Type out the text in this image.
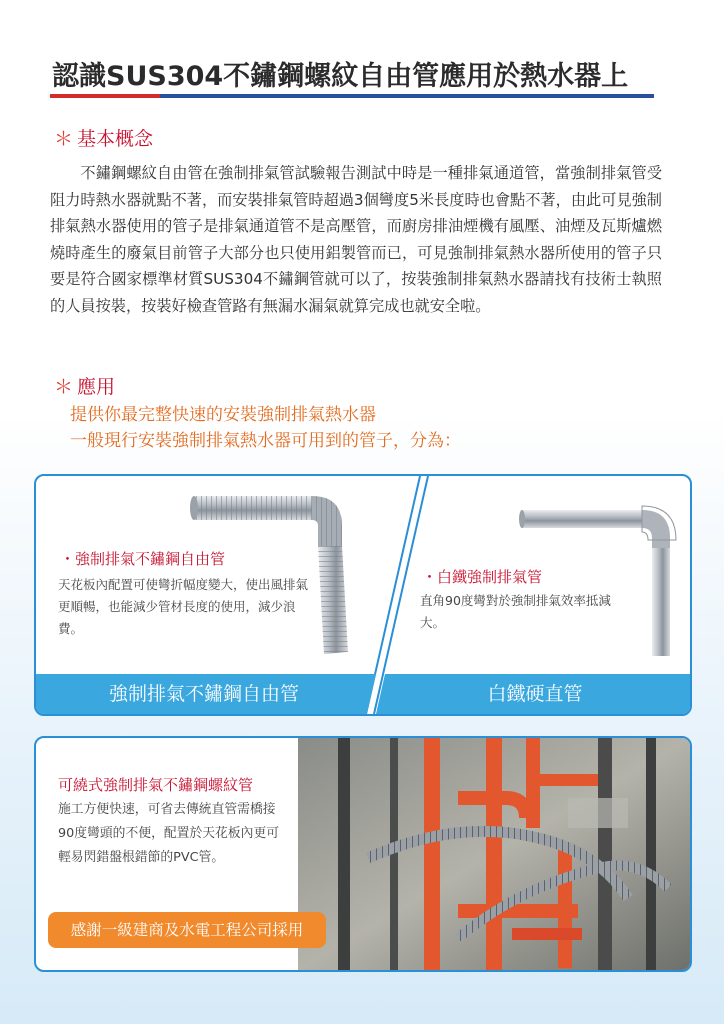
認識SUS304不鏽鋼螺紋自由管應用於熱水器上
＊ 基本概念

不鏽鋼螺紋自由管在強制排氣管試驗報告測試中時是一種排氣通道管，當強制排氣管受阻力時熱水器就點不著，而安裝排氣管時超過3個彎度5米長度時也會點不著，由此可見強制排氣熱水器使用的管子是排氣通道管不是高壓管，而廚房排油煙機有風壓、油煙及瓦斯爐燃燒時產生的廢氣目前管子大部分也只使用鋁製管而已，可見強制排氣熱水器所使用的管子只要是符合國家標準材質SUS304不鏽鋼管就可以了，按裝強制排氣熱水器請找有技術士執照的人員按裝，按裝好檢查管路有無漏水漏氣就算完成也就安全啦。

＊ 應用
提供你最完整快速的安裝強制排氣熱水器
一般現行安裝強制排氣熱水器可用到的管子，分為：
・強制排氣不鏽鋼自由管
天花板內配置可使彎折幅度變大，使出風排氣更順暢，也能減少管材長度的使用，減少浪費。
・白鐵強制排氣管
直角90度彎對於強制排氣效率抵減大。
強制排氣不鏽鋼自由管	白鐵硬直管
可繞式強制排氣不鏽鋼螺紋管
施工方便快速，可省去傳統直管需橋接90度彎頭的不便，配置於天花板內更可輕易閃錯盤根錯節的PVC管。
感謝一級建商及水電工程公司採用
